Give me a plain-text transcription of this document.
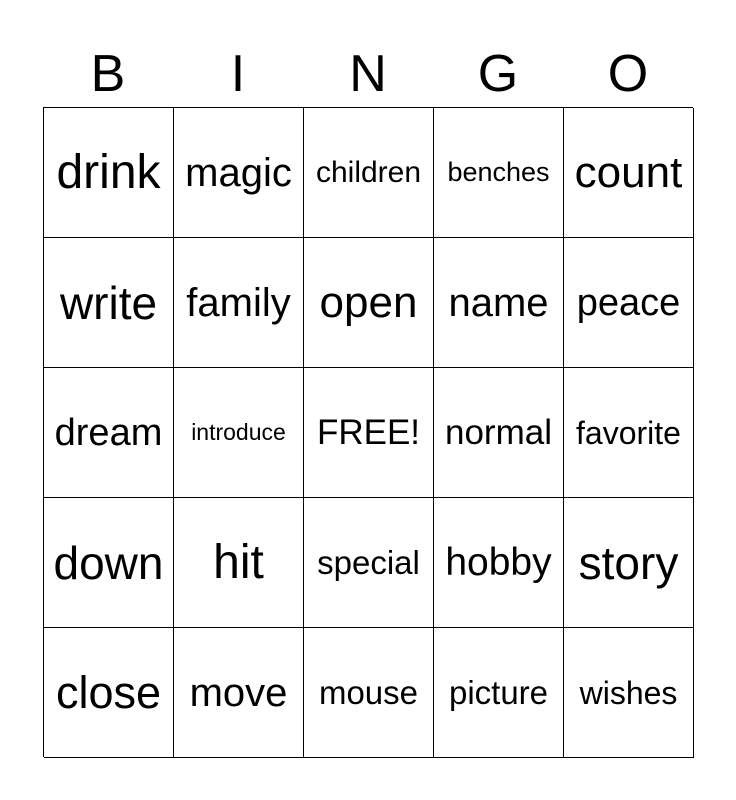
B	I	N	G	O
drink magic children benches count
write family open name peace
dream introduce FREE! normal favorite
down hit special hobby story
close move mouse picture wishes
